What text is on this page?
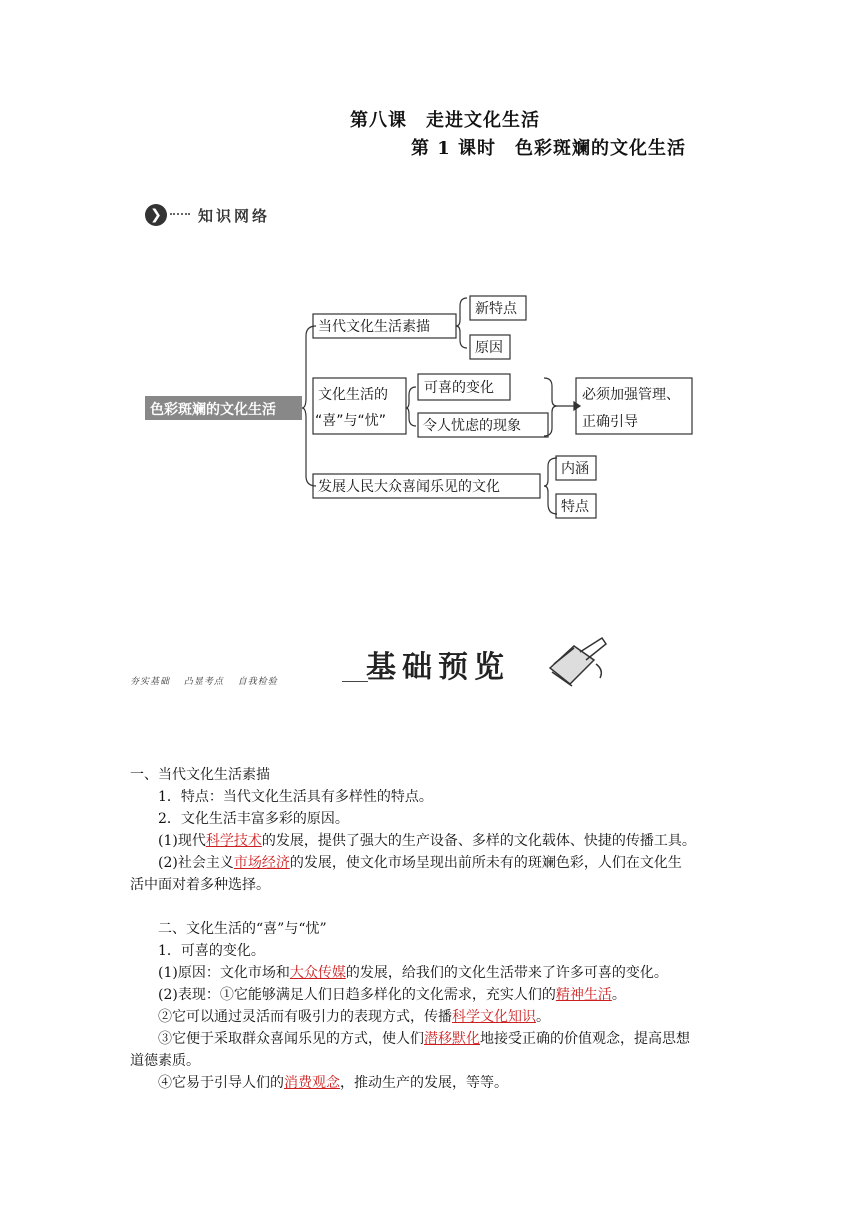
第八课　走进文化生活
第 1 课时　色彩斑斓的文化生活
❯	知识网络
色彩斑斓的文化生活
当代文化生活素描
新特点
原因
文化生活的
“喜”与“忧”
可喜的变化
令人忧虑的现象
必须加强管理、
正确引导
发展人民大众喜闻乐见的文化
内涵
特点
夯实基础 凸显考点 自我检验	基础预览
一、当代文化生活素描
1．特点：当代文化生活具有多样性的特点。
2．文化生活丰富多彩的原因。
(1)现代科学技术的发展，提供了强大的生产设备、多样的文化载体、快捷的传播工具。
(2)社会主义市场经济的发展，使文化市场呈现出前所未有的斑斓色彩，人们在文化生
活中面对着多种选择。
二、文化生活的“喜”与“忧”
1．可喜的变化。
(1)原因：文化市场和大众传媒的发展，给我们的文化生活带来了许多可喜的变化。
(2)表现：①它能够满足人们日趋多样化的文化需求，充实人们的精神生活。
②它可以通过灵活而有吸引力的表现方式，传播科学文化知识。
③它便于采取群众喜闻乐见的方式，使人们潜移默化地接受正确的价值观念，提高思想
道德素质。
④它易于引导人们的消费观念，推动生产的发展，等等。
